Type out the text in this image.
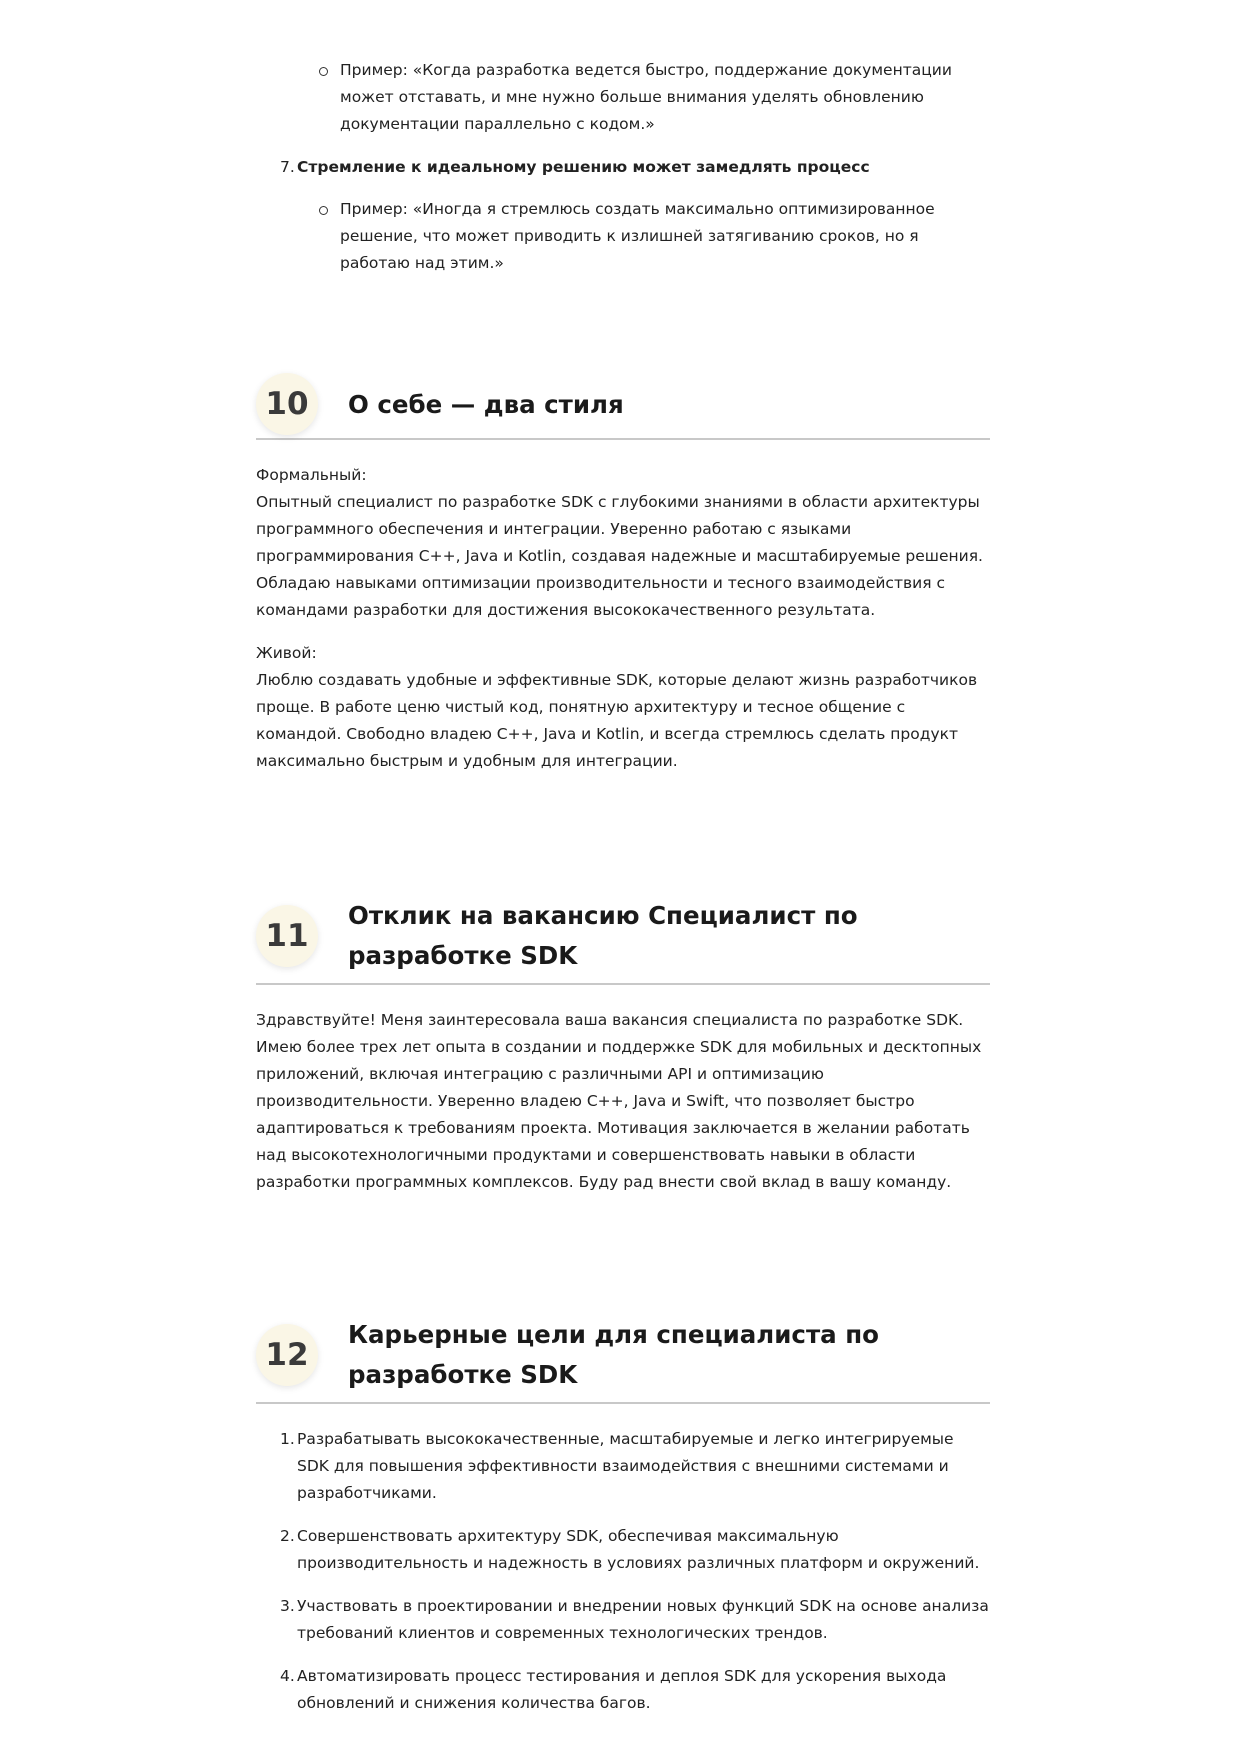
Пример: «Когда разработка ведется быстро, поддержание документации может отставать, и мне нужно больше внимания уделять обновлению документации параллельно с кодом.»
7. Стремление к идеальному решению может замедлять процесс
Пример: «Иногда я стремлюсь создать максимально оптимизированное решение, что может приводить к излишней затягиванию сроков, но я работаю над этим.»
10	О себе — два стиля

Формальный:

Опытный специалист по разработке SDK с глубокими знаниями в области архитектуры программного обеспечения и интеграции. Уверенно работаю с языками программирования C++, Java и Kotlin, создавая надежные и масштабируемые решения. Обладаю навыками оптимизации производительности и тесного взаимодействия с командами разработки для достижения высококачественного результата.

Живой:

Люблю создавать удобные и эффективные SDK, которые делают жизнь разработчиков проще. В работе ценю чистый код, понятную архитектуру и тесное общение с командой. Свободно владею C++, Java и Kotlin, и всегда стремлюсь сделать продукт максимально быстрым и удобным для интеграции.

11
Отклик на вакансию Специалист по разработке SDK

Здравствуйте! Меня заинтересовала ваша вакансия специалиста по разработке SDK. Имею более трех лет опыта в создании и поддержке SDK для мобильных и десктопных приложений, включая интеграцию с различными API и оптимизацию производительности. Уверенно владею C++, Java и Swift, что позволяет быстро адаптироваться к требованиям проекта. Мотивация заключается в желании работать над высокотехнологичными продуктами и совершенствовать навыки в области разработки программных комплексов. Буду рад внести свой вклад в вашу команду.

12
Карьерные цели для специалиста по разработке SDK
1. Разрабатывать высококачественные, масштабируемые и легко интегрируемые SDK для повышения эффективности взаимодействия с внешними системами и разработчиками.
2. Совершенствовать архитектуру SDK, обеспечивая максимальную производительность и надежность в условиях различных платформ и окружений.
3. Участвовать в проектировании и внедрении новых функций SDK на основе анализа требований клиентов и современных технологических трендов.
4. Автоматизировать процесс тестирования и деплоя SDK для ускорения выхода обновлений и снижения количества багов.
